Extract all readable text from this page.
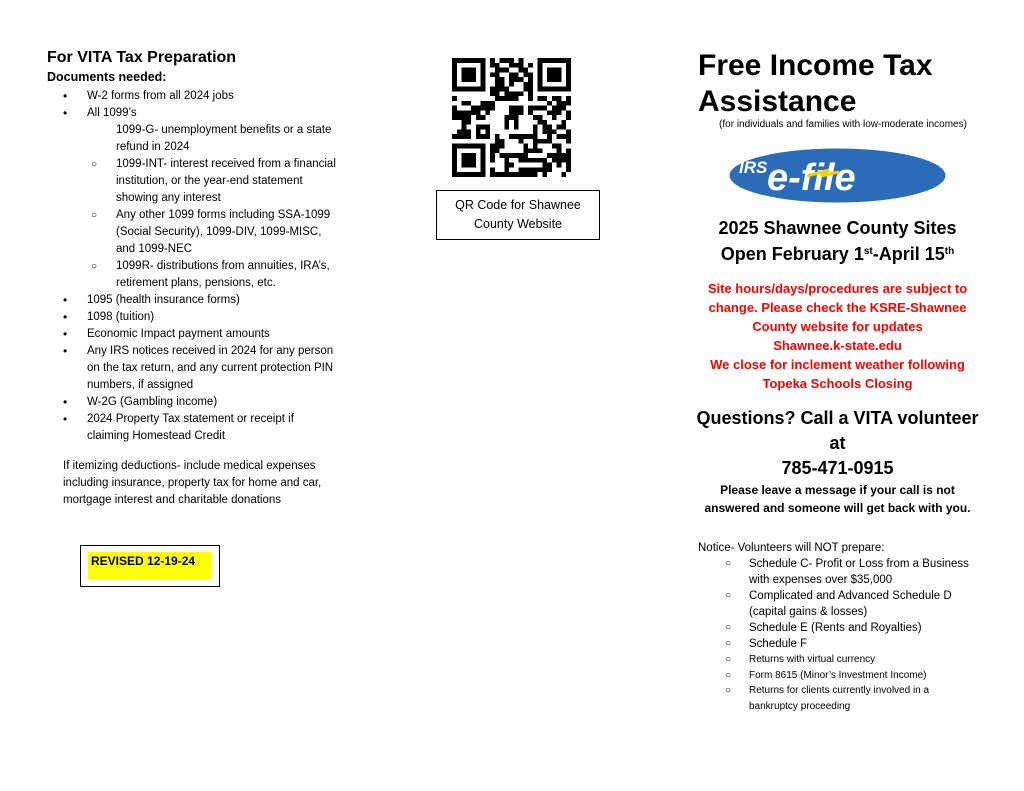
For VITA Tax Preparation
Documents needed:
• W-2 forms from all 2024 jobs
• All 1099’s
1099-G- unemployment benefits or a state refund in 2024
○ 1099-INT- interest received from a financial institution, or the year-end statement showing any interest
○ Any other 1099 forms including SSA-1099 (Social Security), 1099-DIV, 1099-MISC, and 1099-NEC
○ 1099R- distributions from annuities, IRA’s, retirement plans, pensions, etc.
• 1095 (health insurance forms)
• 1098 (tuition)
• Economic Impact payment amounts
• Any IRS notices received in 2024 for any person on the tax return, and any current protection PIN numbers, if assigned
• W-2G (Gambling income)
• 2024 Property Tax statement or receipt if claiming Homestead Credit
If itemizing deductions- include medical expenses including insurance, property tax for home and car, mortgage interest and charitable donations
REVISED 12-19-24
QR Code for Shawnee County Website
Free Income Tax Assistance
(for individuals and families with low-moderate incomes)
IRS e-file
2025 Shawnee County Sites
Open February 1st-April 15th
Site hours/days/procedures are subject to change. Please check the KSRE-Shawnee County website for updates
Shawnee.k-state.edu
We close for inclement weather following Topeka Schools Closing
Questions? Call a VITA volunteer at
785-471-0915
Please leave a message if your call is not answered and someone will get back with you.
Notice- Volunteers will NOT prepare:
○ Schedule C- Profit or Loss from a Business with expenses over $35,000
○ Complicated and Advanced Schedule D (capital gains & losses)
○ Schedule E (Rents and Royalties)
○ Schedule F
○ Returns with virtual currency
○ Form 8615 (Minor’s Investment Income)
○ Returns for clients currently involved in a bankruptcy proceeding
